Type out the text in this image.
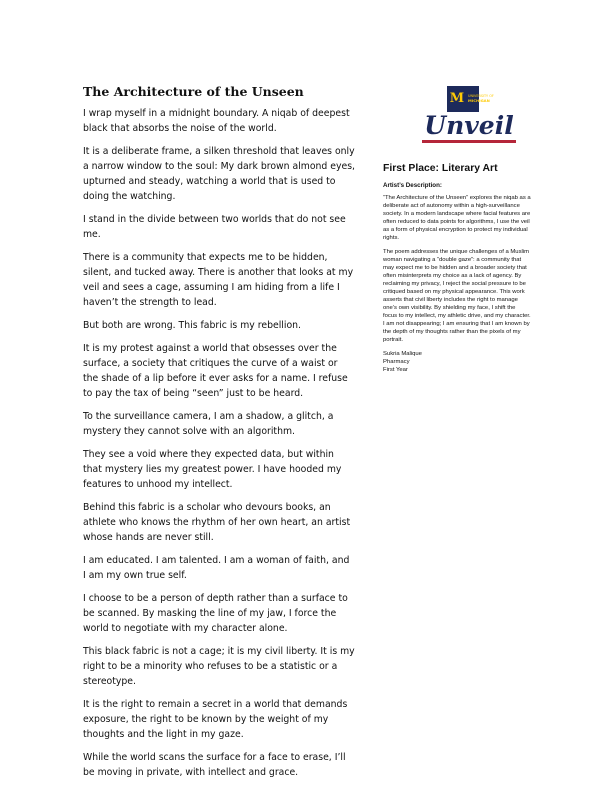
The Architecture of the Unseen

I wrap myself in a midnight boundary. A niqab of deepest black that absorbs the noise of the world.

It is a deliberate frame, a silken threshold that leaves only a narrow window to the soul: My dark brown almond eyes, upturned and steady, watching a world that is used to doing the watching.

I stand in the divide between two worlds that do not see me.

There is a community that expects me to be hidden, silent, and tucked away. There is another that looks at my veil and sees a cage, assuming I am hiding from a life I haven’t the strength to lead.

But both are wrong. This fabric is my rebellion.

It is my protest against a world that obsesses over the surface, a society that critiques the curve of a waist or the shade of a lip before it ever asks for a name. I refuse to pay the tax of being “seen” just to be heard.

To the surveillance camera, I am a shadow, a glitch, a mystery they cannot solve with an algorithm.

They see a void where they expected data, but within that mystery lies my greatest power. I have hooded my features to unhood my intellect.

Behind this fabric is a scholar who devours books, an athlete who knows the rhythm of her own heart, an artist whose hands are never still.

I am educated. I am talented. I am a woman of faith, and I am my own true self.

I choose to be a person of depth rather than a surface to be scanned. By masking the line of my jaw, I force the world to negotiate with my character alone.

This black fabric is not a cage; it is my civil liberty. It is my right to be a minority who refuses to be a statistic or a stereotype.

It is the right to remain a secret in a world that demands exposure, the right to be known by the weight of my thoughts and the light in my gaze.

While the world scans the surface for a face to erase, I’ll be moving in private, with intellect and grace.

M UNIVERSITY OF
MICHIGAN
Unveil
First Place: Literary Art
Artist’s Description:

“The Architecture of the Unseen” explores the niqab as a deliberate act of autonomy within a high-surveillance society. In a modern landscape where facial features are often reduced to data points for algorithms, I use the veil as a form of physical encryption to protect my individual rights.

The poem addresses the unique challenges of a Muslim woman navigating a “double gaze”: a community that may expect me to be hidden and a broader society that often misinterprets my choice as a lack of agency. By reclaiming my privacy, I reject the social pressure to be critiqued based on my physical appearance. This work asserts that civil liberty includes the right to manage one’s own visibility. By shielding my face, I shift the focus to my intellect, my athletic drive, and my character. I am not disappearing; I am ensuring that I am known by the depth of my thoughts rather than the pixels of my portrait.

Sukria Malique

Pharmacy

First Year
